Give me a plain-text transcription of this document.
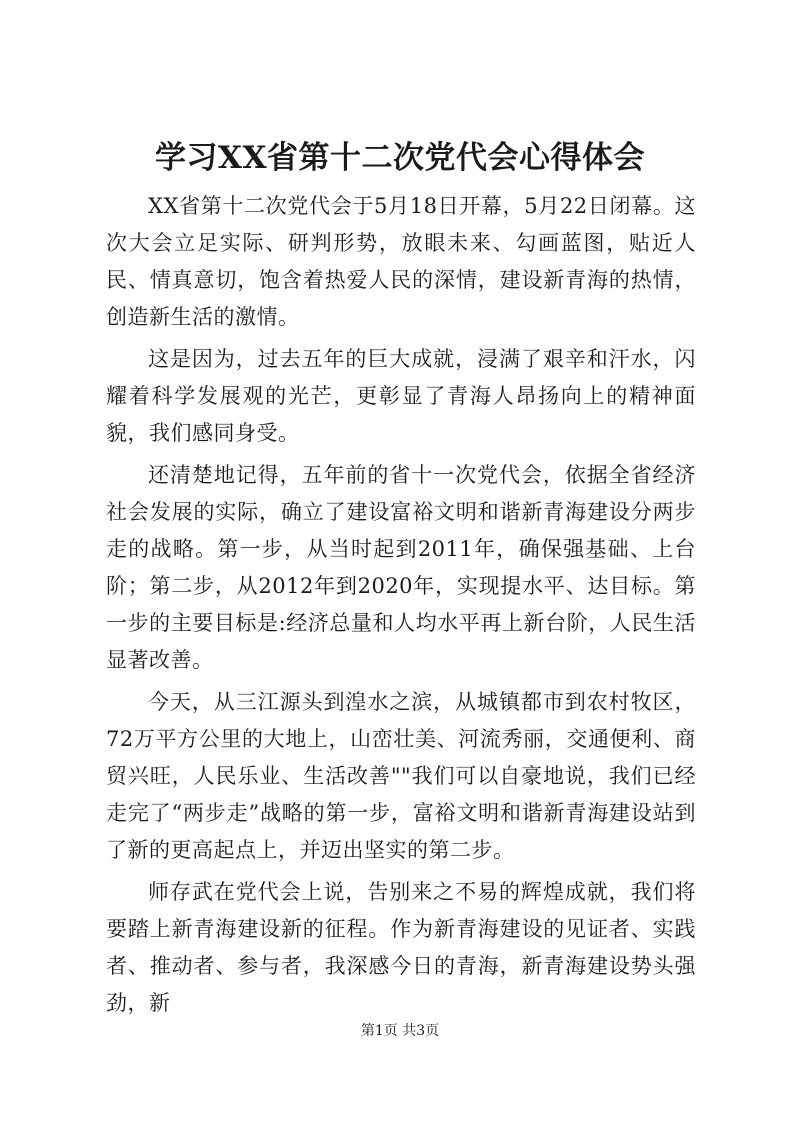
学习XX省第十二次党代会心得体会

XX省第十二次党代会于5月18日开幕，5月22日闭幕。这次大会立足实际、研判形势，放眼未来、勾画蓝图，贴近人民、情真意切，饱含着热爱人民的深情，建设新青海的热情，创造新生活的激情。

这是因为，过去五年的巨大成就，浸满了艰辛和汗水，闪耀着科学发展观的光芒，更彰显了青海人昂扬向上的精神面貌，我们感同身受。

还清楚地记得，五年前的省十一次党代会，依据全省经济社会发展的实际，确立了建设富裕文明和谐新青海建设分两步走的战略。第一步，从当时起到2011年，确保强基础、上台阶；第二步，从2012年到2020年，实现提水平、达目标。第一步的主要目标是:经济总量和人均水平再上新台阶，人民生活显著改善。

今天，从三江源头到湟水之滨，从城镇都市到农村牧区，72万平方公里的大地上，山峦壮美、河流秀丽，交通便利、商贸兴旺，人民乐业、生活改善""我们可以自豪地说，我们已经走完了“两步走”战略的第一步，富裕文明和谐新青海建设站到了新的更高起点上，并迈出坚实的第二步。

师存武在党代会上说，告别来之不易的辉煌成就，我们将要踏上新青海建设新的征程。作为新青海建设的见证者、实践者、推动者、参与者，我深感今日的青海，新青海建设势头强劲，新

第1页 共3页
